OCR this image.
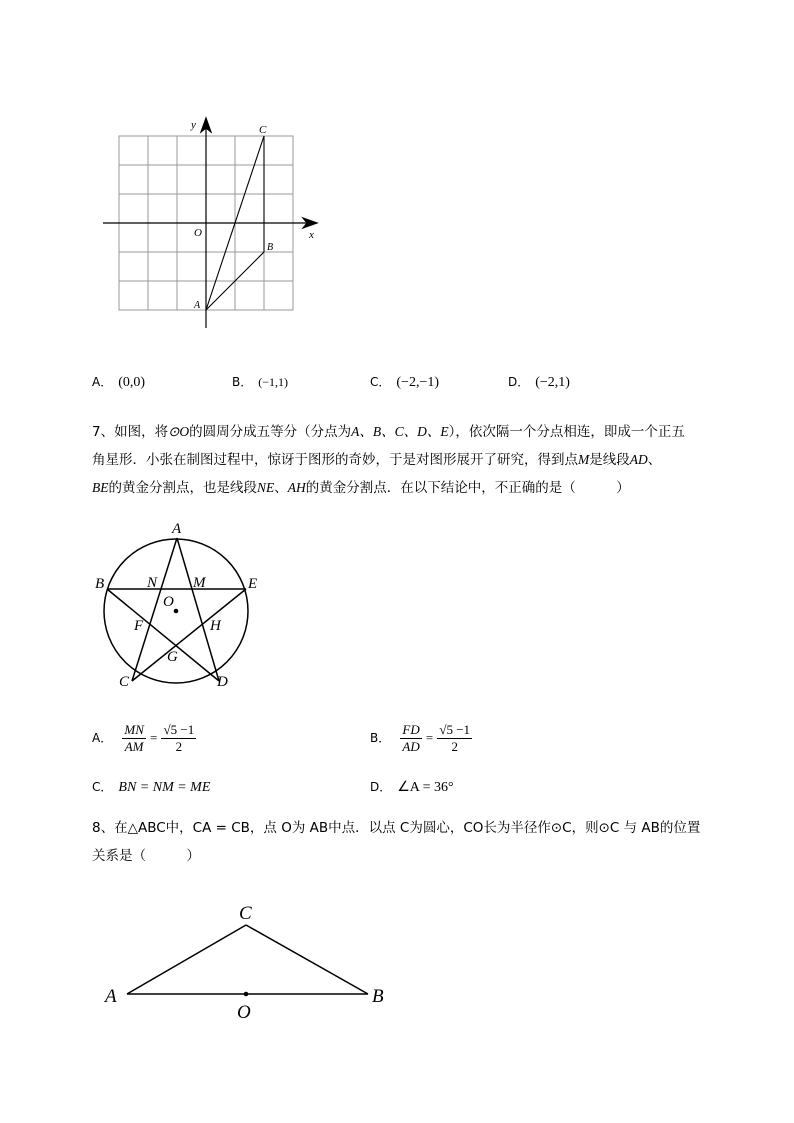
y
x
O
A
B
C
A． (0,0)	B． (−1,1)	C． (−2,−1)	D． (−2,1)
7、如图，将⊙O的圆周分成五等分（分点为A、B、C、D、E），依次隔一个分点相连，即成一个正五
角星形．小张在制图过程中，惊讶于图形的奇妙，于是对图形展开了研究，得到点M是线段AD、
BE的黄金分割点，也是线段NE、AH的黄金分割点．在以下结论中，不正确的是（　　　）
A
B	E
N M
O
F	H
G
C	D
A． $\frac{MN}{AM} = \frac{√5 -1}{2}$	B． $\frac{FD}{AD} = \frac{√5 -1}{2}$
C． BN = NM = ME	D． ∠A = 36°
8、在△ABC中，CA = CB，点 O为 AB中点．以点 C为圆心，CO长为半径作⊙C，则⊙C 与 AB的位置
关系是（　　　）
C
A	B
O
